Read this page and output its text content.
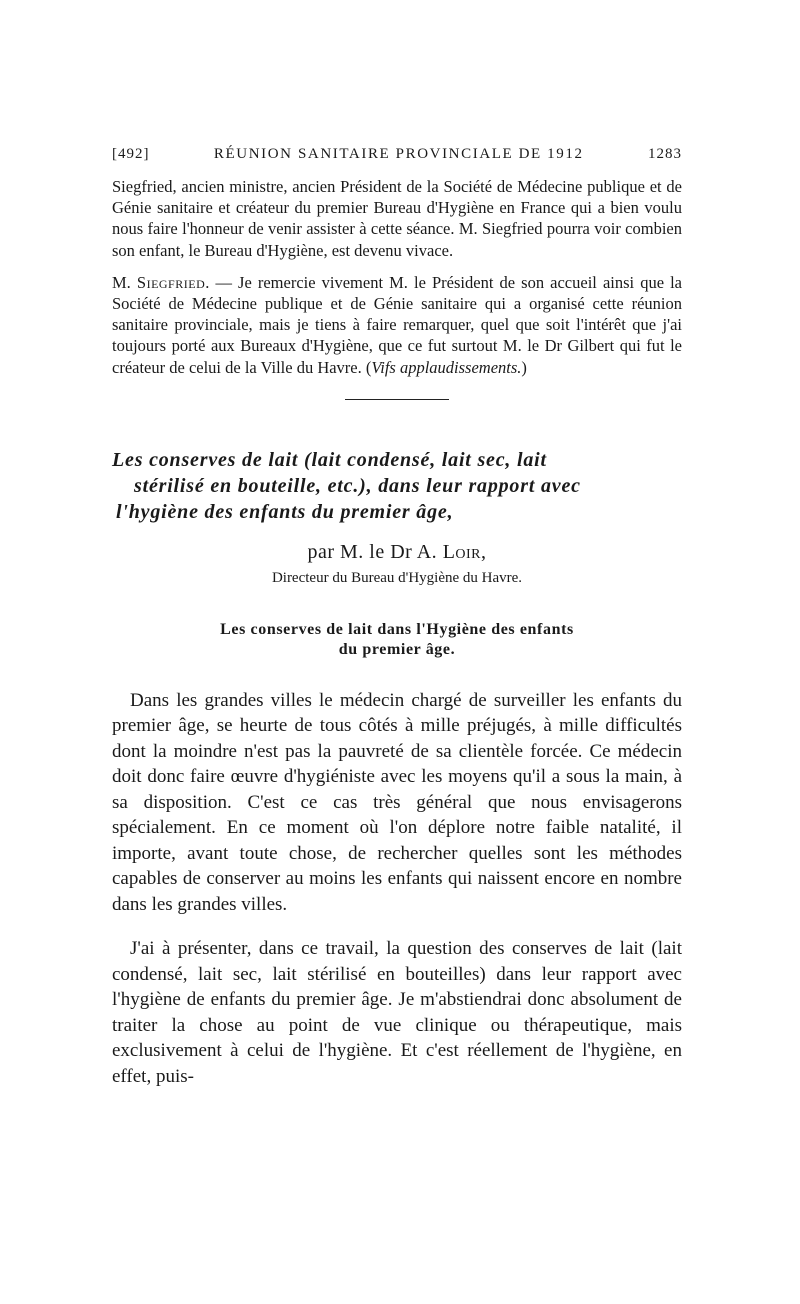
[492]	RÉUNION SANITAIRE PROVINCIALE DE 1912	1283

Siegfried, ancien ministre, ancien Président de la Société de Médecine publique et de Génie sanitaire et créateur du premier Bureau d'Hygiène en France qui a bien voulu nous faire l'honneur de venir assister à cette séance. M. Siegfried pourra voir combien son enfant, le Bureau d'Hygiène, est devenu vivace.

M. Siegfried. — Je remercie vivement M. le Président de son accueil ainsi que la Société de Médecine publique et de Génie sanitaire qui a organisé cette réunion sanitaire provinciale, mais je tiens à faire remarquer, quel que soit l'intérêt que j'ai toujours porté aux Bureaux d'Hygiène, que ce fut surtout M. le Dr Gilbert qui fut le créateur de celui de la Ville du Havre. (Vifs applaudissements.)

Les conserves de lait (lait condensé, lait sec, lait
stérilisé en bouteille, etc.), dans leur rapport avec
l'hygiène des enfants du premier âge,
par M. le Dr A. Loir,
Directeur du Bureau d'Hygiène du Havre.
Les conserves de lait dans l'Hygiène des enfants
du premier âge.

Dans les grandes villes le médecin chargé de surveiller les enfants du premier âge, se heurte de tous côtés à mille préjugés, à mille difficultés dont la moindre n'est pas la pauvreté de sa clientèle forcée. Ce médecin doit donc faire œuvre d'hygiéniste avec les moyens qu'il a sous la main, à sa disposition. C'est ce cas très général que nous envisagerons spécialement. En ce moment où l'on déplore notre faible natalité, il importe, avant toute chose, de rechercher quelles sont les méthodes capables de conserver au moins les enfants qui naissent encore en nombre dans les grandes villes.

J'ai à présenter, dans ce travail, la question des conserves de lait (lait condensé, lait sec, lait stérilisé en bouteilles) dans leur rapport avec l'hygiène de enfants du premier âge. Je m'abstiendrai donc absolument de traiter la chose au point de vue clinique ou thérapeutique, mais exclusivement à celui de l'hygiène. Et c'est réellement de l'hygiène, en effet, puis-
